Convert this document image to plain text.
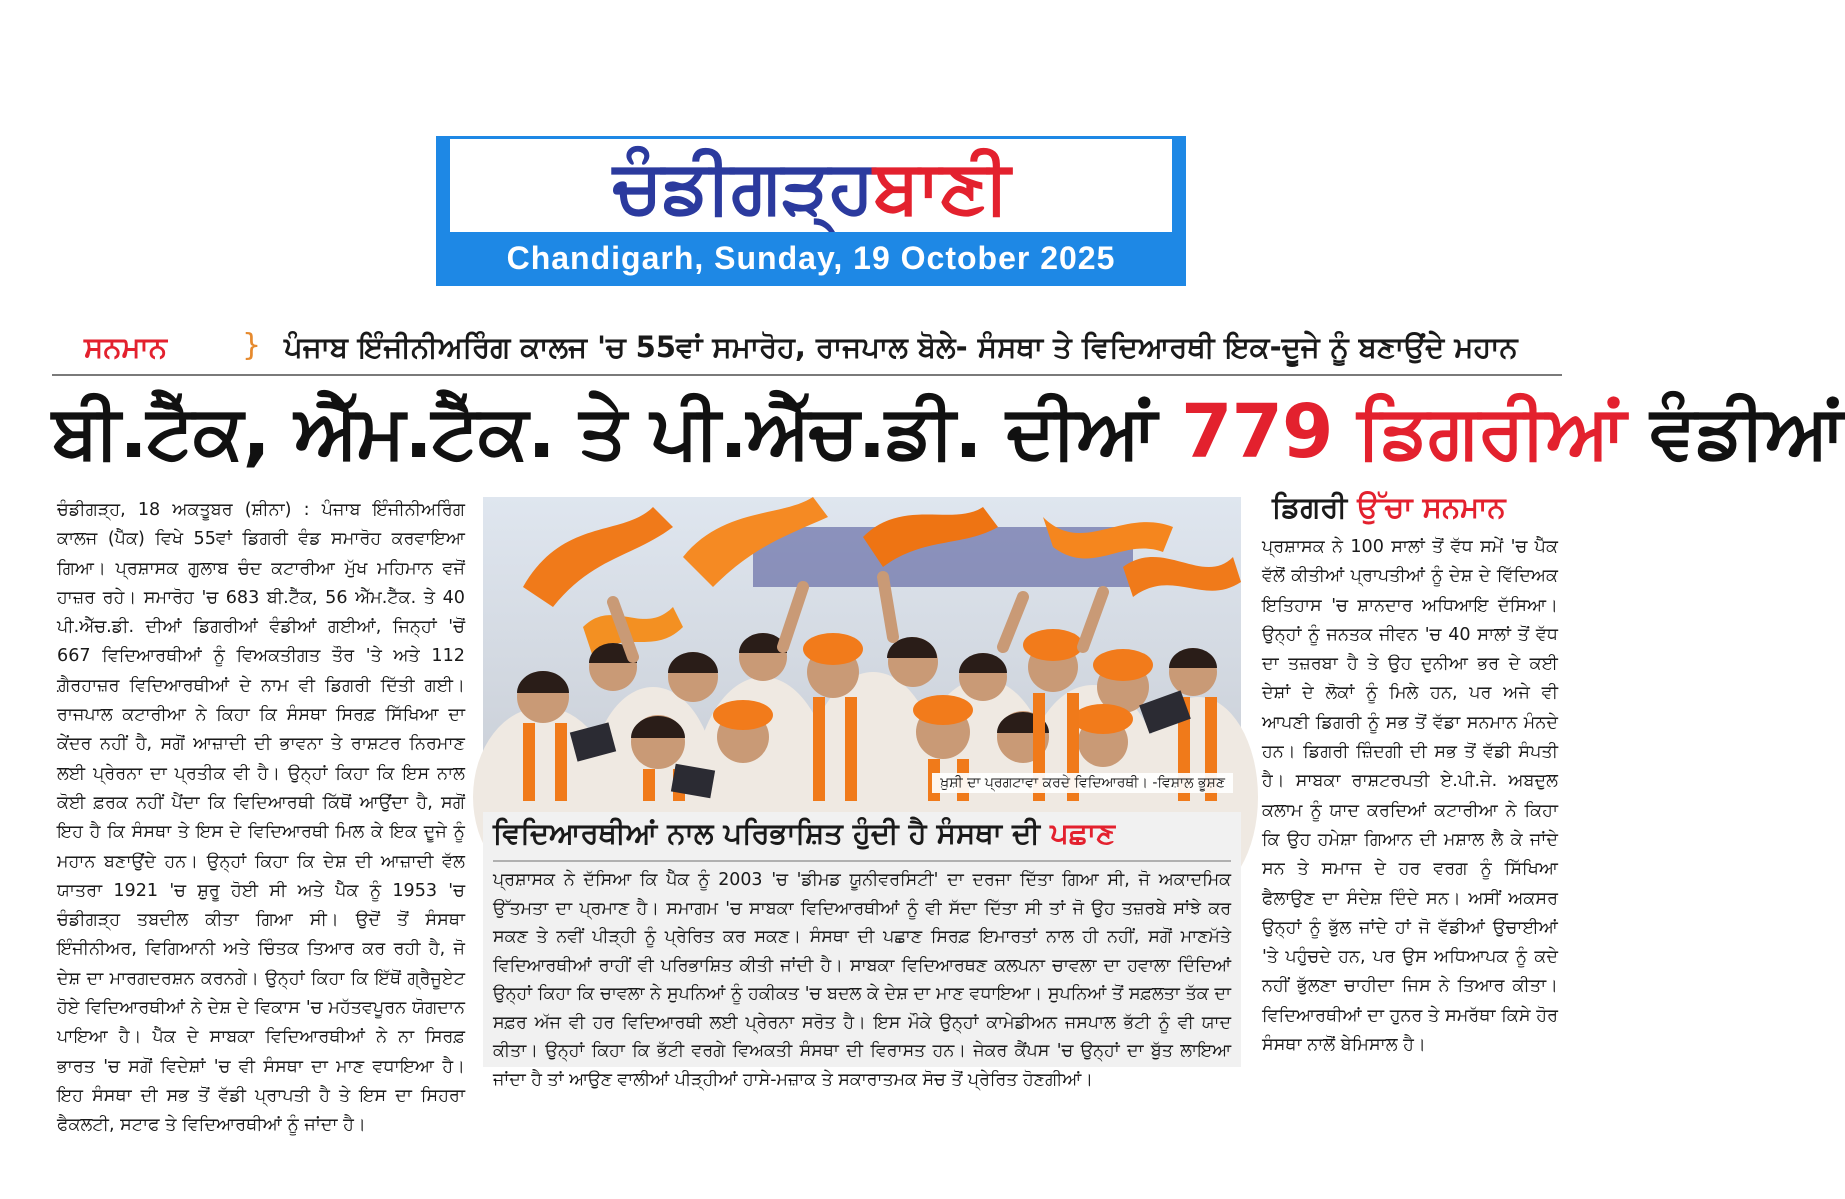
ਚੰਡੀਗੜ੍ਹਬਾਣੀ
Chandigarh, Sunday, 19 October 2025
ਸਨਮਾਨ	} ਪੰਜਾਬ ਇੰਜੀਨੀਅਰਿੰਗ ਕਾਲਜ 'ਚ 55ਵਾਂ ਸਮਾਰੋਹ, ਰਾਜਪਾਲ ਬੋਲੇ- ਸੰਸਥਾ ਤੇ ਵਿਦਿਆਰਥੀ ਇਕ-ਦੂਜੇ ਨੂੰ ਬਣਾਉਂਦੇ ਮਹਾਨ
ਬੀ.ਟੈੱਕ, ਐੱਮ.ਟੈੱਕ. ਤੇ ਪੀ.ਐੱਚ.ਡੀ. ਦੀਆਂ 779 ਡਿਗਰੀਆਂ ਵੰਡੀਆਂ
ਚੰਡੀਗੜ੍ਹ, 18 ਅਕਤੂਬਰ (ਸ਼ੀਨਾ) : ਪੰਜਾਬ ਇੰਜੀਨੀਅਰਿੰਗ ਕਾਲਜ (ਪੈੱਕ) ਵਿਖੇ 55ਵਾਂ ਡਿਗਰੀ ਵੰਡ ਸਮਾਰੋਹ ਕਰਵਾਇਆ ਗਿਆ। ਪ੍ਰਸ਼ਾਸਕ ਗੁਲਾਬ ਚੰਦ ਕਟਾਰੀਆ ਮੁੱਖ ਮਹਿਮਾਨ ਵਜੋਂ ਹਾਜ਼ਰ ਰਹੇ। ਸਮਾਰੋਹ 'ਚ 683 ਬੀ.ਟੈੱਕ, 56 ਐੱਮ.ਟੈੱਕ. ਤੇ 40 ਪੀ.ਐੱਚ.ਡੀ. ਦੀਆਂ ਡਿਗਰੀਆਂ ਵੰਡੀਆਂ ਗਈਆਂ, ਜਿਨ੍ਹਾਂ 'ਚੋਂ 667 ਵਿਦਿਆਰਥੀਆਂ ਨੂੰ ਵਿਅਕਤੀਗਤ ਤੌਰ 'ਤੇ ਅਤੇ 112 ਗ਼ੈਰਹਾਜ਼ਰ ਵਿਦਿਆਰਥੀਆਂ ਦੇ ਨਾਮ ਵੀ ਡਿਗਰੀ ਦਿੱਤੀ ਗਈ। ਰਾਜਪਾਲ ਕਟਾਰੀਆ ਨੇ ਕਿਹਾ ਕਿ ਸੰਸਥਾ ਸਿਰਫ਼ ਸਿੱਖਿਆ ਦਾ ਕੇਂਦਰ ਨਹੀਂ ਹੈ, ਸਗੋਂ ਆਜ਼ਾਦੀ ਦੀ ਭਾਵਨਾ ਤੇ ਰਾਸ਼ਟਰ ਨਿਰਮਾਣ ਲਈ ਪ੍ਰੇਰਨਾ ਦਾ ਪ੍ਰਤੀਕ ਵੀ ਹੈ। ਉਨ੍ਹਾਂ ਕਿਹਾ ਕਿ ਇਸ ਨਾਲ ਕੋਈ ਫ਼ਰਕ ਨਹੀਂ ਪੈਂਦਾ ਕਿ ਵਿਦਿਆਰਥੀ ਕਿੱਥੋਂ ਆਉਂਦਾ ਹੈ, ਸਗੋਂ ਇਹ ਹੈ ਕਿ ਸੰਸਥਾ ਤੇ ਇਸ ਦੇ ਵਿਦਿਆਰਥੀ ਮਿਲ ਕੇ ਇਕ ਦੂਜੇ ਨੂੰ ਮਹਾਨ ਬਣਾਉਂਦੇ ਹਨ। ਉਨ੍ਹਾਂ ਕਿਹਾ ਕਿ ਦੇਸ਼ ਦੀ ਆਜ਼ਾਦੀ ਵੱਲ ਯਾਤਰਾ 1921 'ਚ ਸ਼ੁਰੂ ਹੋਈ ਸੀ ਅਤੇ ਪੈੱਕ ਨੂੰ 1953 'ਚ ਚੰਡੀਗੜ੍ਹ ਤਬਦੀਲ ਕੀਤਾ ਗਿਆ ਸੀ। ਉਦੋਂ ਤੋਂ ਸੰਸਥਾ ਇੰਜੀਨੀਅਰ, ਵਿਗਿਆਨੀ ਅਤੇ ਚਿੰਤਕ ਤਿਆਰ ਕਰ ਰਹੀ ਹੈ, ਜੋ ਦੇਸ਼ ਦਾ ਮਾਰਗਦਰਸ਼ਨ ਕਰਨਗੇ। ਉਨ੍ਹਾਂ ਕਿਹਾ ਕਿ ਇੱਥੋਂ ਗ੍ਰੈਜੂਏਟ ਹੋਏ ਵਿਦਿਆਰਥੀਆਂ ਨੇ ਦੇਸ਼ ਦੇ ਵਿਕਾਸ 'ਚ ਮਹੱਤਵਪੂਰਨ ਯੋਗਦਾਨ ਪਾਇਆ ਹੈ। ਪੈੱਕ ਦੇ ਸਾਬਕਾ ਵਿਦਿਆਰਥੀਆਂ ਨੇ ਨਾ ਸਿਰਫ਼ ਭਾਰਤ 'ਚ ਸਗੋਂ ਵਿਦੇਸ਼ਾਂ 'ਚ ਵੀ ਸੰਸਥਾ ਦਾ ਮਾਣ ਵਧਾਇਆ ਹੈ। ਇਹ ਸੰਸਥਾ ਦੀ ਸਭ ਤੋਂ ਵੱਡੀ ਪ੍ਰਾਪਤੀ ਹੈ ਤੇ ਇਸ ਦਾ ਸਿਹਰਾ ਫੈਕਲਟੀ, ਸਟਾਫ ਤੇ ਵਿਦਿਆਰਥੀਆਂ ਨੂੰ ਜਾਂਦਾ ਹੈ।
ਖ਼ੁਸ਼ੀ ਦਾ ਪ੍ਰਗਟਾਵਾ ਕਰਦੇ ਵਿਦਿਆਰਥੀ। -ਵਿਸ਼ਾਲ ਭੂਸ਼ਣ
ਵਿਦਿਆਰਥੀਆਂ ਨਾਲ ਪਰਿਭਾਸ਼ਿਤ ਹੁੰਦੀ ਹੈ ਸੰਸਥਾ ਦੀ ਪਛਾਣ
ਪ੍ਰਸ਼ਾਸਕ ਨੇ ਦੱਸਿਆ ਕਿ ਪੈੱਕ ਨੂੰ 2003 'ਚ 'ਡੀਮਡ ਯੂਨੀਵਰਸਿਟੀ' ਦਾ ਦਰਜਾ ਦਿੱਤਾ ਗਿਆ ਸੀ, ਜੋ ਅਕਾਦਮਿਕ ਉੱਤਮਤਾ ਦਾ ਪ੍ਰਮਾਣ ਹੈ। ਸਮਾਗਮ 'ਚ ਸਾਬਕਾ ਵਿਦਿਆਰਥੀਆਂ ਨੂੰ ਵੀ ਸੱਦਾ ਦਿੱਤਾ ਸੀ ਤਾਂ ਜੋ ਉਹ ਤਜ਼ਰਬੇ ਸਾਂਝੇ ਕਰ ਸਕਣ ਤੇ ਨਵੀਂ ਪੀੜ੍ਹੀ ਨੂੰ ਪ੍ਰੇਰਿਤ ਕਰ ਸਕਣ। ਸੰਸਥਾ ਦੀ ਪਛਾਣ ਸਿਰਫ਼ ਇਮਾਰਤਾਂ ਨਾਲ ਹੀ ਨਹੀਂ, ਸਗੋਂ ਮਾਣਮੱਤੇ ਵਿਦਿਆਰਥੀਆਂ ਰਾਹੀਂ ਵੀ ਪਰਿਭਾਸ਼ਿਤ ਕੀਤੀ ਜਾਂਦੀ ਹੈ। ਸਾਬਕਾ ਵਿਦਿਆਰਥਣ ਕਲਪਨਾ ਚਾਵਲਾ ਦਾ ਹਵਾਲਾ ਦਿੰਦਿਆਂ ਉਨ੍ਹਾਂ ਕਿਹਾ ਕਿ ਚਾਵਲਾ ਨੇ ਸੁਪਨਿਆਂ ਨੂੰ ਹਕੀਕਤ 'ਚ ਬਦਲ ਕੇ ਦੇਸ਼ ਦਾ ਮਾਣ ਵਧਾਇਆ। ਸੁਪਨਿਆਂ ਤੋਂ ਸਫ਼ਲਤਾ ਤੱਕ ਦਾ ਸਫ਼ਰ ਅੱਜ ਵੀ ਹਰ ਵਿਦਿਆਰਥੀ ਲਈ ਪ੍ਰੇਰਨਾ ਸਰੋਤ ਹੈ। ਇਸ ਮੌਕੇ ਉਨ੍ਹਾਂ ਕਾਮੇਡੀਅਨ ਜਸਪਾਲ ਭੱਟੀ ਨੂੰ ਵੀ ਯਾਦ ਕੀਤਾ। ਉਨ੍ਹਾਂ ਕਿਹਾ ਕਿ ਭੱਟੀ ਵਰਗੇ ਵਿਅਕਤੀ ਸੰਸਥਾ ਦੀ ਵਿਰਾਸਤ ਹਨ। ਜੇਕਰ ਕੈਂਪਸ 'ਚ ਉਨ੍ਹਾਂ ਦਾ ਬੁੱਤ ਲਾਇਆ ਜਾਂਦਾ ਹੈ ਤਾਂ ਆਉਣ ਵਾਲੀਆਂ ਪੀੜ੍ਹੀਆਂ ਹਾਸੇ-ਮਜ਼ਾਕ ਤੇ ਸਕਾਰਾਤਮਕ ਸੋਚ ਤੋਂ ਪ੍ਰੇਰਿਤ ਹੋਣਗੀਆਂ।
ਡਿਗਰੀ ਉੱਚਾ ਸਨਮਾਨ
ਪ੍ਰਸ਼ਾਸਕ ਨੇ 100 ਸਾਲਾਂ ਤੋਂ ਵੱਧ ਸਮੇਂ 'ਚ ਪੈੱਕ ਵੱਲੋਂ ਕੀਤੀਆਂ ਪ੍ਰਾਪਤੀਆਂ ਨੂੰ ਦੇਸ਼ ਦੇ ਵਿੱਦਿਅਕ ਇਤਿਹਾਸ 'ਚ ਸ਼ਾਨਦਾਰ ਅਧਿਆਇ ਦੱਸਿਆ। ਉਨ੍ਹਾਂ ਨੂੰ ਜਨਤਕ ਜੀਵਨ 'ਚ 40 ਸਾਲਾਂ ਤੋਂ ਵੱਧ ਦਾ ਤਜ਼ਰਬਾ ਹੈ ਤੇ ਉਹ ਦੁਨੀਆ ਭਰ ਦੇ ਕਈ ਦੇਸ਼ਾਂ ਦੇ ਲੋਕਾਂ ਨੂੰ ਮਿਲੇ ਹਨ, ਪਰ ਅਜੇ ਵੀ ਆਪਣੀ ਡਿਗਰੀ ਨੂੰ ਸਭ ਤੋਂ ਵੱਡਾ ਸਨਮਾਨ ਮੰਨਦੇ ਹਨ। ਡਿਗਰੀ ਜ਼ਿੰਦਗੀ ਦੀ ਸਭ ਤੋਂ ਵੱਡੀ ਸੰਪਤੀ ਹੈ। ਸਾਬਕਾ ਰਾਸ਼ਟਰਪਤੀ ਏ.ਪੀ.ਜੇ. ਅਬਦੁਲ ਕਲਾਮ ਨੂੰ ਯਾਦ ਕਰਦਿਆਂ ਕਟਾਰੀਆ ਨੇ ਕਿਹਾ ਕਿ ਉਹ ਹਮੇਸ਼ਾ ਗਿਆਨ ਦੀ ਮਸ਼ਾਲ ਲੈ ਕੇ ਜਾਂਦੇ ਸਨ ਤੇ ਸਮਾਜ ਦੇ ਹਰ ਵਰਗ ਨੂੰ ਸਿੱਖਿਆ ਫੈਲਾਉਣ ਦਾ ਸੰਦੇਸ਼ ਦਿੰਦੇ ਸਨ। ਅਸੀਂ ਅਕਸਰ ਉਨ੍ਹਾਂ ਨੂੰ ਭੁੱਲ ਜਾਂਦੇ ਹਾਂ ਜੋ ਵੱਡੀਆਂ ਉਚਾਈਆਂ 'ਤੇ ਪਹੁੰਚਦੇ ਹਨ, ਪਰ ਉਸ ਅਧਿਆਪਕ ਨੂੰ ਕਦੇ ਨਹੀਂ ਭੁੱਲਣਾ ਚਾਹੀਦਾ ਜਿਸ ਨੇ ਤਿਆਰ ਕੀਤਾ। ਵਿਦਿਆਰਥੀਆਂ ਦਾ ਹੁਨਰ ਤੇ ਸਮਰੱਥਾ ਕਿਸੇ ਹੋਰ ਸੰਸਥਾ ਨਾਲੋਂ ਬੇਮਿਸਾਲ ਹੈ।
